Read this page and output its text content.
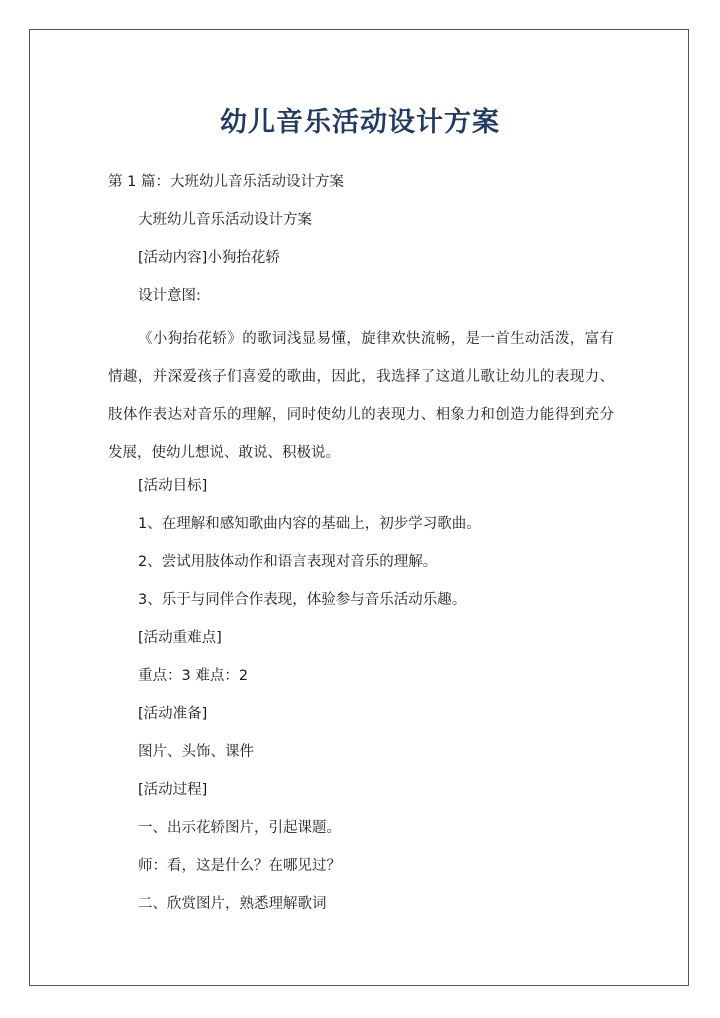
幼儿音乐活动设计方案

第 1 篇：大班幼儿音乐活动设计方案

大班幼儿音乐活动设计方案

[活动内容]小狗抬花轿

设计意图:

《小狗抬花轿》的歌词浅显易懂，旋律欢快流畅，是一首生动活泼，富有情趣，并深爱孩子们喜爱的歌曲，因此，我选择了这道儿歌让幼儿的表现力、肢体作表达对音乐的理解，同时使幼儿的表现力、相象力和创造力能得到充分发展，使幼儿想说、敢说、积极说。

[活动目标]

1、在理解和感知歌曲内容的基础上，初步学习歌曲。

2、尝试用肢体动作和语言表现对音乐的理解。

3、乐于与同伴合作表现，体验参与音乐活动乐趣。

[活动重难点]

重点：3 难点：2

[活动准备]

图片、头饰、课件

[活动过程]

一、出示花轿图片，引起课题。

师：看，这是什么？在哪见过？

二、欣赏图片，熟悉理解歌词
